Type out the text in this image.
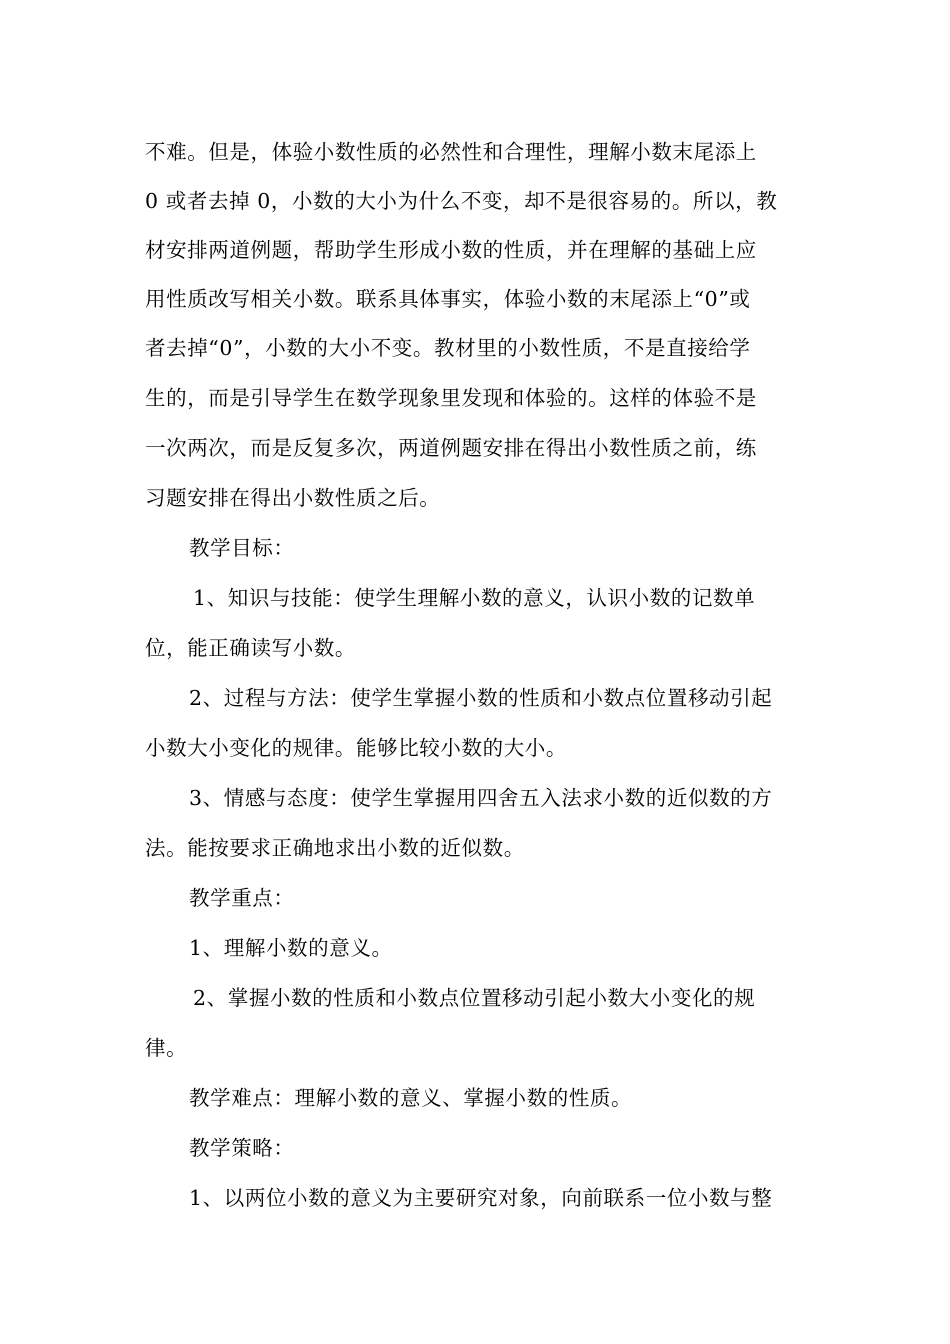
不难。但是，体验小数性质的必然性和合理性，理解小数末尾添上
0 或者去掉 0，小数的大小为什么不变，却不是很容易的。所以，教
材安排两道例题，帮助学生形成小数的性质，并在理解的基础上应
用性质改写相关小数。联系具体事实，体验小数的末尾添上“0”或
者去掉“0”，小数的大小不变。教材里的小数性质，不是直接给学
生的，而是引导学生在数学现象里发现和体验的。这样的体验不是
一次两次，而是反复多次，两道例题安排在得出小数性质之前，练
习题安排在得出小数性质之后。
教学目标：
1、知识与技能：使学生理解小数的意义，认识小数的记数单
位，能正确读写小数。
2、过程与方法：使学生掌握小数的性质和小数点位置移动引起
小数大小变化的规律。能够比较小数的大小。
3、情感与态度：使学生掌握用四舍五入法求小数的近似数的方
法。能按要求正确地求出小数的近似数。
教学重点：
1、理解小数的意义。
2、掌握小数的性质和小数点位置移动引起小数大小变化的规
律。
教学难点：理解小数的意义、掌握小数的性质。
教学策略：
1、以两位小数的意义为主要研究对象，向前联系一位小数与整
